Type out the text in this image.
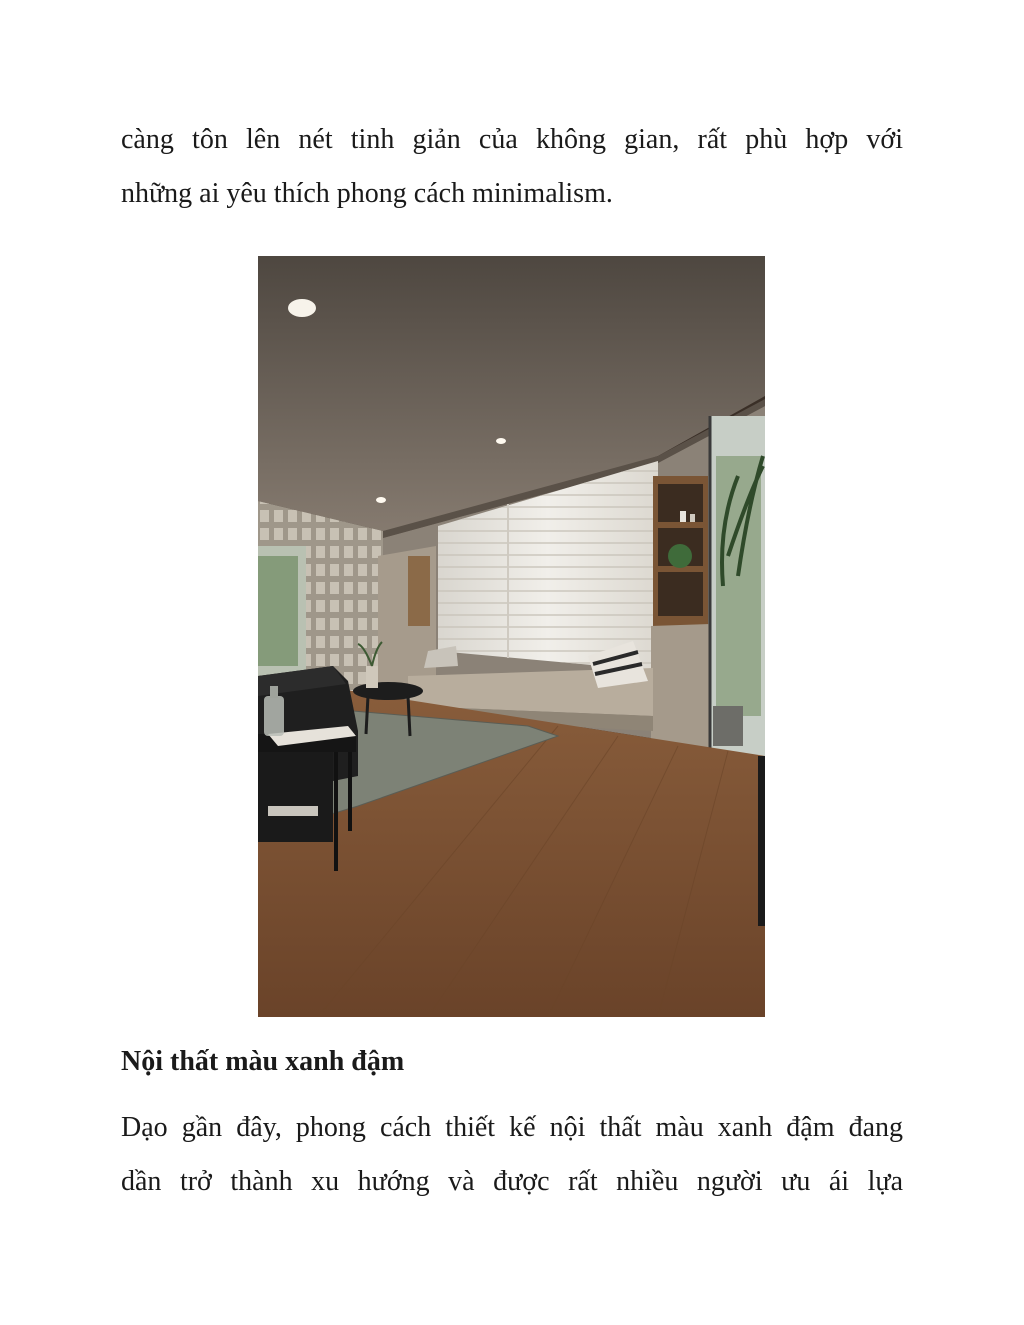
càng tôn lên nét tinh giản của không gian, rất phù hợp với
những ai yêu thích phong cách minimalism.

Nội thất màu xanh đậm

Dạo gần đây, phong cách thiết kế nội thất màu xanh đậm đang
dần trở thành xu hướng và được rất nhiều người ưu ái lựa
